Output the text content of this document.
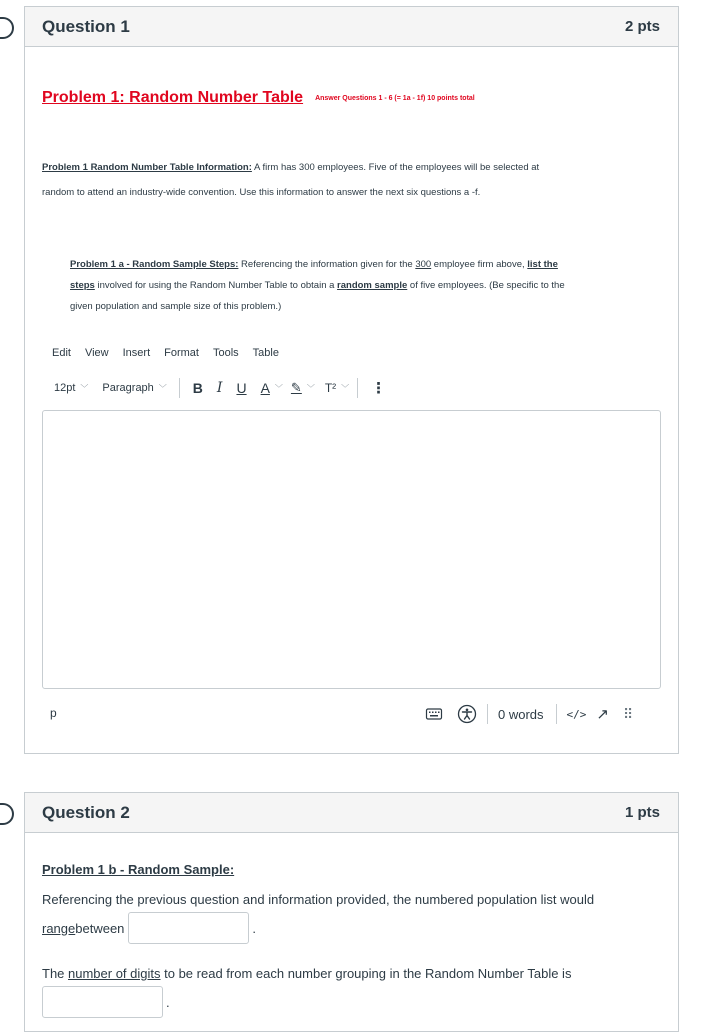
Question 1	2 pts
Problem 1: Random Number Table Answer Questions 1 - 6 (= 1a - 1f) 10 points total
Problem 1 Random Number Table Information: A firm has 300 employees. Five of the employees will be selected at
random to attend an industry-wide convention. Use this information to answer the next six questions a -f.
Problem 1 a - Random Sample Steps: Referencing the information given for the 300 employee firm above, list the
steps involved for using the Random Number Table to obtain a random sample of five employees. (Be specific to the
given population and sample size of this problem.)
Edit View Insert Format Tools Table
12pt ﹀ Paragraph ﹀ B I U A ﹀ ✎ ﹀ T² ﹀ ⋮
p	0 words </> ↗ ⠿
Question 2	1 pts
Problem 1 b - Random Sample:
Referencing the previous question and information provided, the numbered population list would
range between	.
The number of digits to be read from each number grouping in the Random Number Table is
.
